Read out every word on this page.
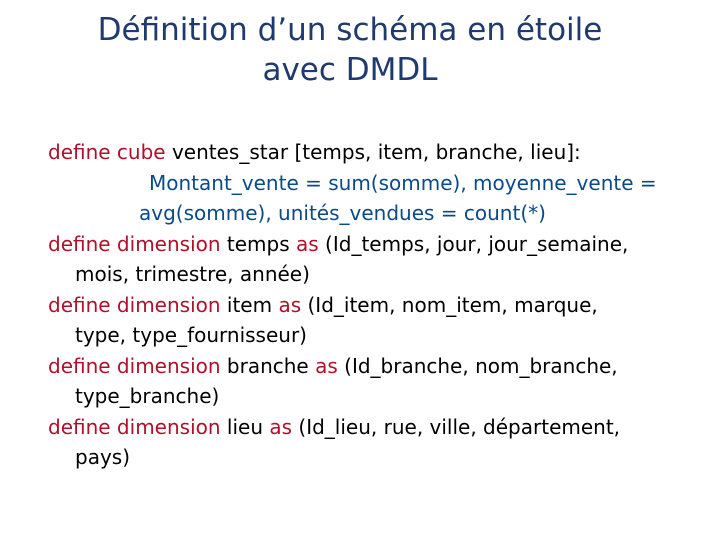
Définition d’un schéma en étoile
avec DMDL
define cube ventes_star [temps, item, branche, lieu]:
Montant_vente = sum(somme), moyenne_vente =
avg(somme), unités_vendues = count(*)
define dimension temps as (Id_temps, jour, jour_semaine,
mois, trimestre, année)
define dimension item as (Id_item, nom_item, marque,
type, type_fournisseur)
define dimension branche as (Id_branche, nom_branche,
type_branche)
define dimension lieu as (Id_lieu, rue, ville, département,
pays)
